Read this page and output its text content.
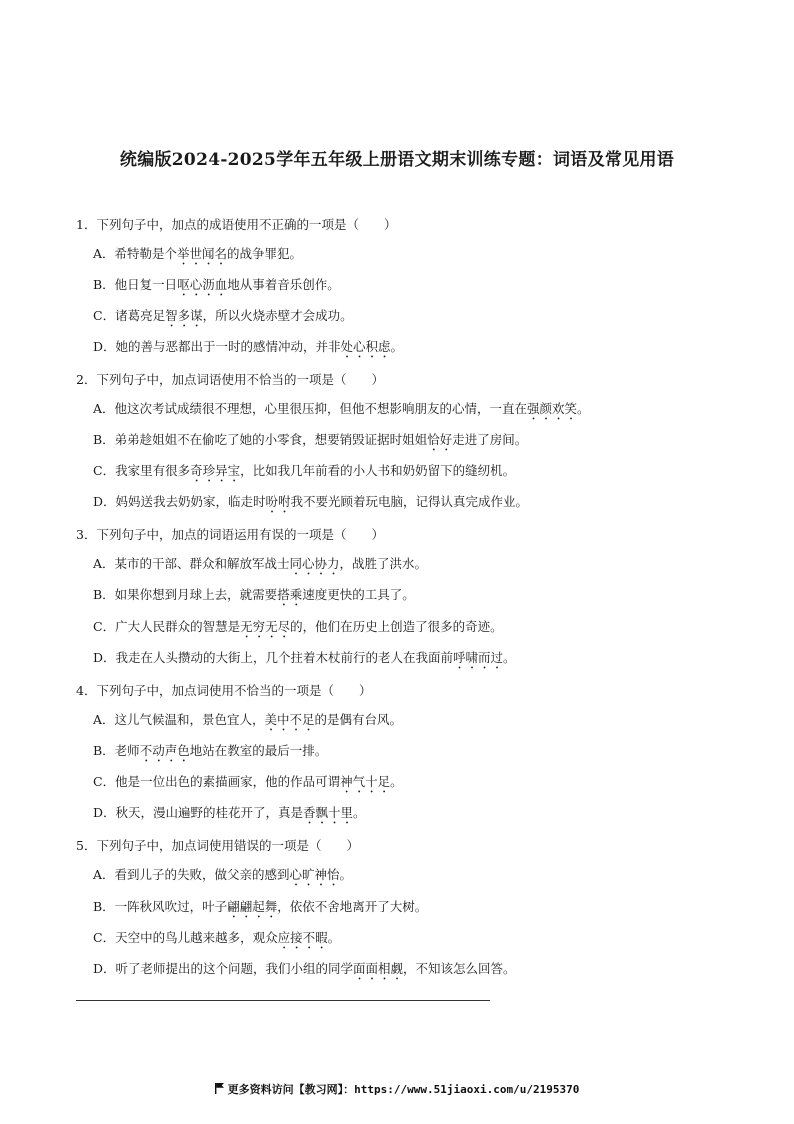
统编版2024-2025学年五年级上册语文期末训练专题：词语及常见用语

1．下列句子中，加点的成语使用不正确的一项是（　　）

A．希特勒是个举世闻名的战争罪犯。

B．他日复一日呕心沥血地从事着音乐创作。

C．诸葛亮足智多谋，所以火烧赤壁才会成功。

D．她的善与恶都出于一时的感情冲动，并非处心积虑。

2．下列句子中，加点词语使用不恰当的一项是（　　）

A．他这次考试成绩很不理想，心里很压抑，但他不想影响朋友的心情，一直在强颜欢笑。

B．弟弟趁姐姐不在偷吃了她的小零食，想要销毁证据时姐姐恰好走进了房间。

C．我家里有很多奇珍异宝，比如我几年前看的小人书和奶奶留下的缝纫机。

D．妈妈送我去奶奶家，临走时吩咐我不要光顾着玩电脑，记得认真完成作业。

3．下列句子中，加点的词语运用有误的一项是（　　）

A．某市的干部、群众和解放军战士同心协力，战胜了洪水。

B．如果你想到月球上去，就需要搭乘速度更快的工具了。

C．广大人民群众的智慧是无穷无尽的，他们在历史上创造了很多的奇迹。

D．我走在人头攒动的大街上，几个拄着木杖前行的老人在我面前呼啸而过。

4．下列句子中，加点词使用不恰当的一项是（　　）

A．这儿气候温和，景色宜人，美中不足的是偶有台风。

B．老师不动声色地站在教室的最后一排。

C．他是一位出色的素描画家，他的作品可谓神气十足。

D．秋天，漫山遍野的桂花开了，真是香飘十里。

5．下列句子中，加点词使用错误的一项是（　　）

A．看到儿子的失败，做父亲的感到心旷神怡。

B．一阵秋风吹过，叶子翩翩起舞，依依不舍地离开了大树。

C．天空中的鸟儿越来越多，观众应接不暇。

D．听了老师提出的这个问题，我们小组的同学面面相觑，不知该怎么回答。

更多资料访问【教习网】：https://www.51jiaoxi.com/u/2195370
